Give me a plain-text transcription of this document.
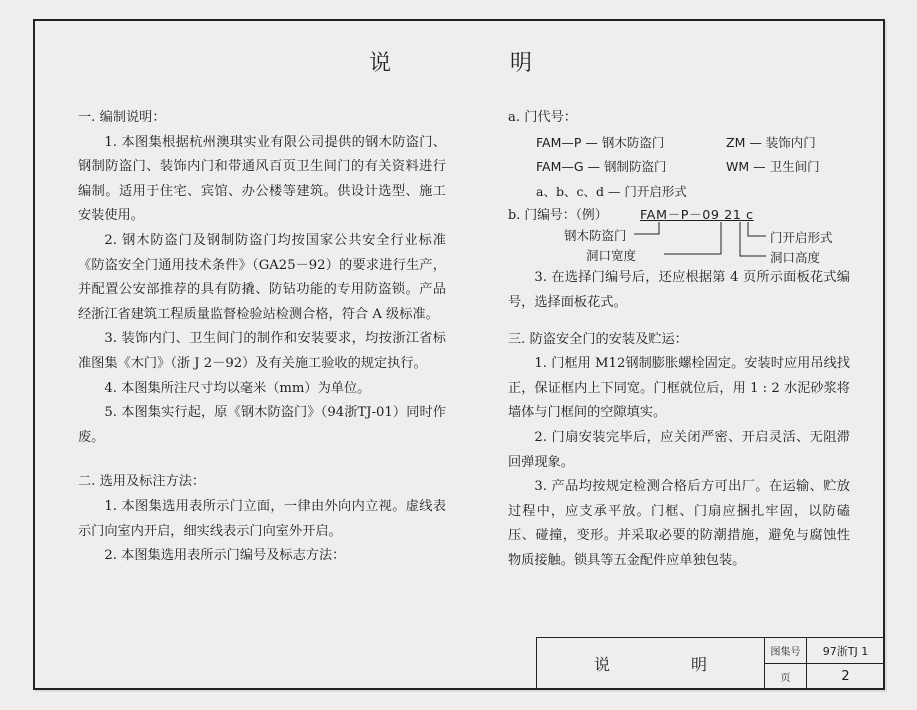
说 明
一. 编制说明：
1. 本图集根据杭州澳琪实业有限公司提供的钢木防盗门、钢制防盗门、装饰内门和带通风百页卫生间门的有关资料进行编制。适用于住宅、宾馆、办公楼等建筑。供设计选型、施工安装使用。
2. 钢木防盗门及钢制防盗门均按国家公共安全行业标准《防盗安全门通用技术条件》（GA25－92）的要求进行生产，并配置公安部推荐的具有防撬、防钻功能的专用防盗锁。产品经浙江省建筑工程质量监督检验站检测合格，符合 A 级标准。
3. 装饰内门、卫生间门的制作和安装要求，均按浙江省标准图集《木门》（浙 J 2－92）及有关施工验收的规定执行。
4. 本图集所注尺寸均以毫米（mm）为单位。
5. 本图集实行起，原《钢木防盗门》（94浙TJ-01）同时作废。
二. 选用及标注方法：
1. 本图集选用表所示门立面，一律由外向内立视。虚线表示门向室内开启，细实线表示门向室外开启。
2. 本图集选用表所示门编号及标志方法：
a. 门代号：
FAM—P — 钢木防盗门	ZM — 装饰内门
FAM—G — 钢制防盗门	WM — 卫生间门
a、b、c、d — 门开启形式
b. 门编号：（例）	FAM－P－09 21 c
钢木防盗门
洞口宽度
门开启形式
洞口高度
3. 在选择门编号后，还应根据第 4 页所示面板花式编号，选择面板花式。
三. 防盗安全门的安装及贮运：
1. 门框用 M12钢制膨胀螺栓固定。安装时应用吊线找正，保证框内上下同宽。门框就位后，用 1 : 2 水泥砂浆将墙体与门框间的空隙填实。
2. 门扇安装完毕后，应关闭严密、开启灵活、无阻滞回弹现象。
3. 产品均按规定检测合格后方可出厂。在运输、贮放过程中，应支承平放。门框、门扇应捆扎牢固，以防磕压、碰撞，变形。并采取必要的防潮措施，避免与腐蚀性物质接触。锁具等五金配件应单独包装。
说 明
图集号	97浙TJ 1
页	2
